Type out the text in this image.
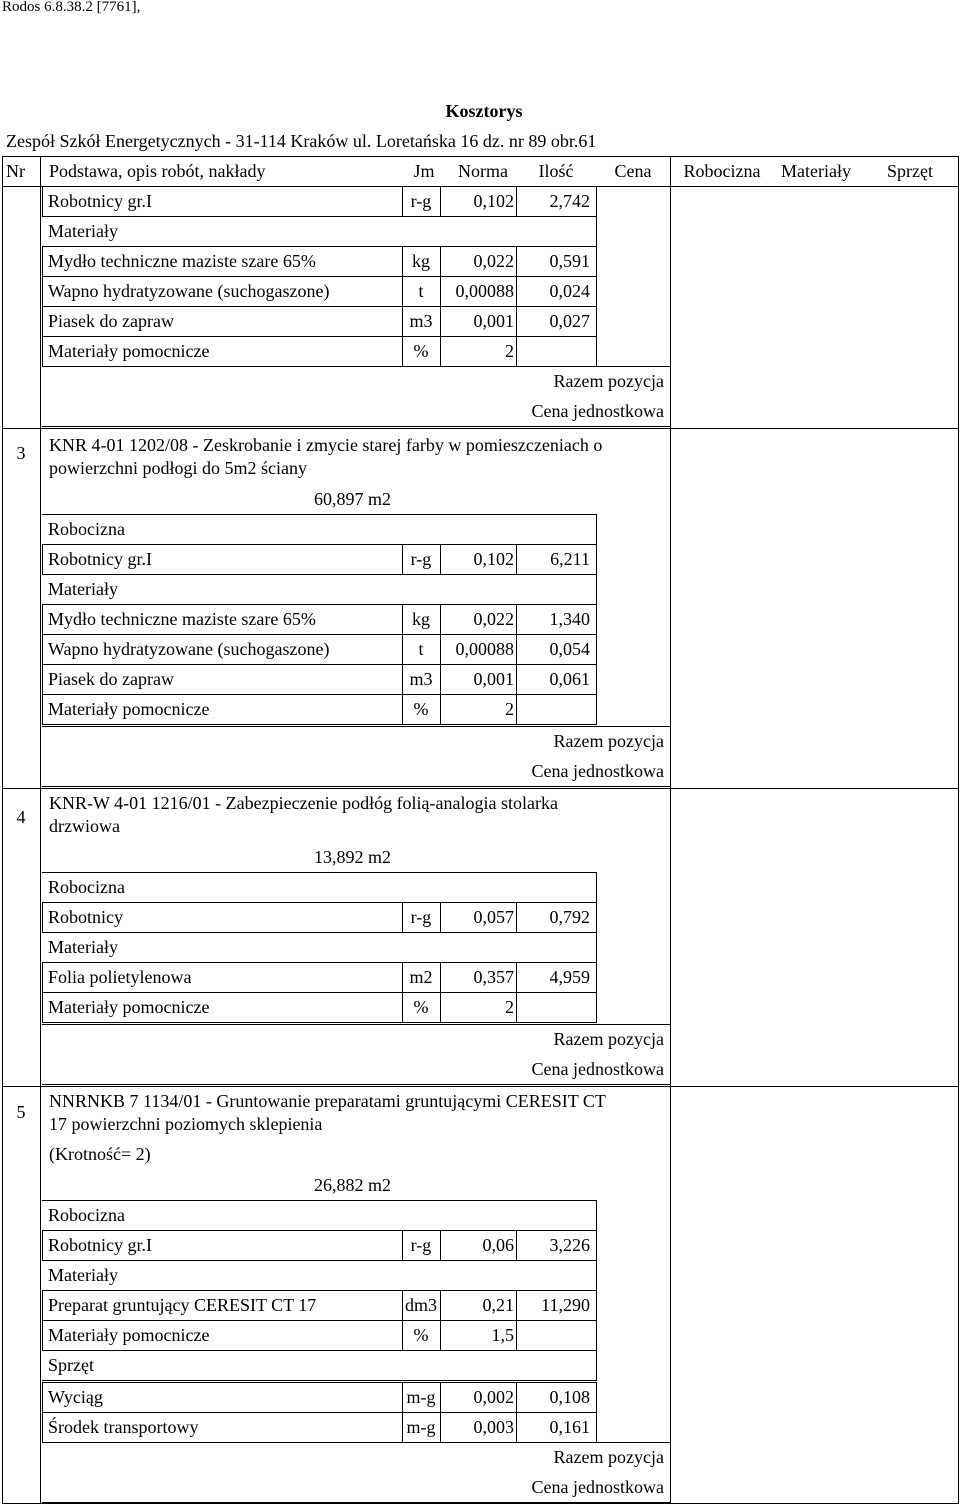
Rodos 6.8.38.2 [7761],
Kosztorys
Zespół Szkół Energetycznych - 31-114 Kraków ul. Loretańska 16 dz. nr 89 obr.61
Nr Podstawa, opis robót, nakłady	Jm	Norma	Ilość	Cena	Robocizna	Materiały	Sprzęt
Robotnicy gr.I	r-g	0,102	2,742
Materiały
Mydło techniczne maziste szare 65%	kg	0,022	0,591
Wapno hydratyzowane (suchogaszone)	t	0,00088	0,024
Piasek do zapraw	m3	0,001	0,027
Materiały pomocnicze	%	2
Razem pozycja
Cena jednostkowa
3	KNR 4-01 1202/08 - Zeskrobanie i zmycie starej farby w pomieszczeniach o
powierzchni podłogi do 5m2 ściany
60,897 m2
Robocizna
Robotnicy gr.I	r-g	0,102	6,211
Materiały
Mydło techniczne maziste szare 65%	kg	0,022	1,340
Wapno hydratyzowane (suchogaszone)	t	0,00088	0,054
Piasek do zapraw	m3	0,001	0,061
Materiały pomocnicze	%	2
Razem pozycja
Cena jednostkowa
4
KNR-W 4-01 1216/01 - Zabezpieczenie podłóg folią-analogia stolarka
drzwiowa
13,892 m2
Robocizna
Robotnicy	r-g	0,057	0,792
Materiały
Folia polietylenowa	m2	0,357	4,959
Materiały pomocnicze	%	2
Razem pozycja
Cena jednostkowa
5
NNRNKB 7 1134/01 - Gruntowanie preparatami gruntującymi CERESIT CT
17 powierzchni poziomych sklepienia
(Krotność= 2)
26,882 m2
Robocizna
Robotnicy gr.I	r-g	0,06	3,226
Materiały
Preparat gruntujący CERESIT CT 17	dm3	0,21	11,290
Materiały pomocnicze	%	1,5
Sprzęt
Wyciąg	m-g	0,002	0,108
Środek transportowy	m-g	0,003	0,161
Razem pozycja
Cena jednostkowa
